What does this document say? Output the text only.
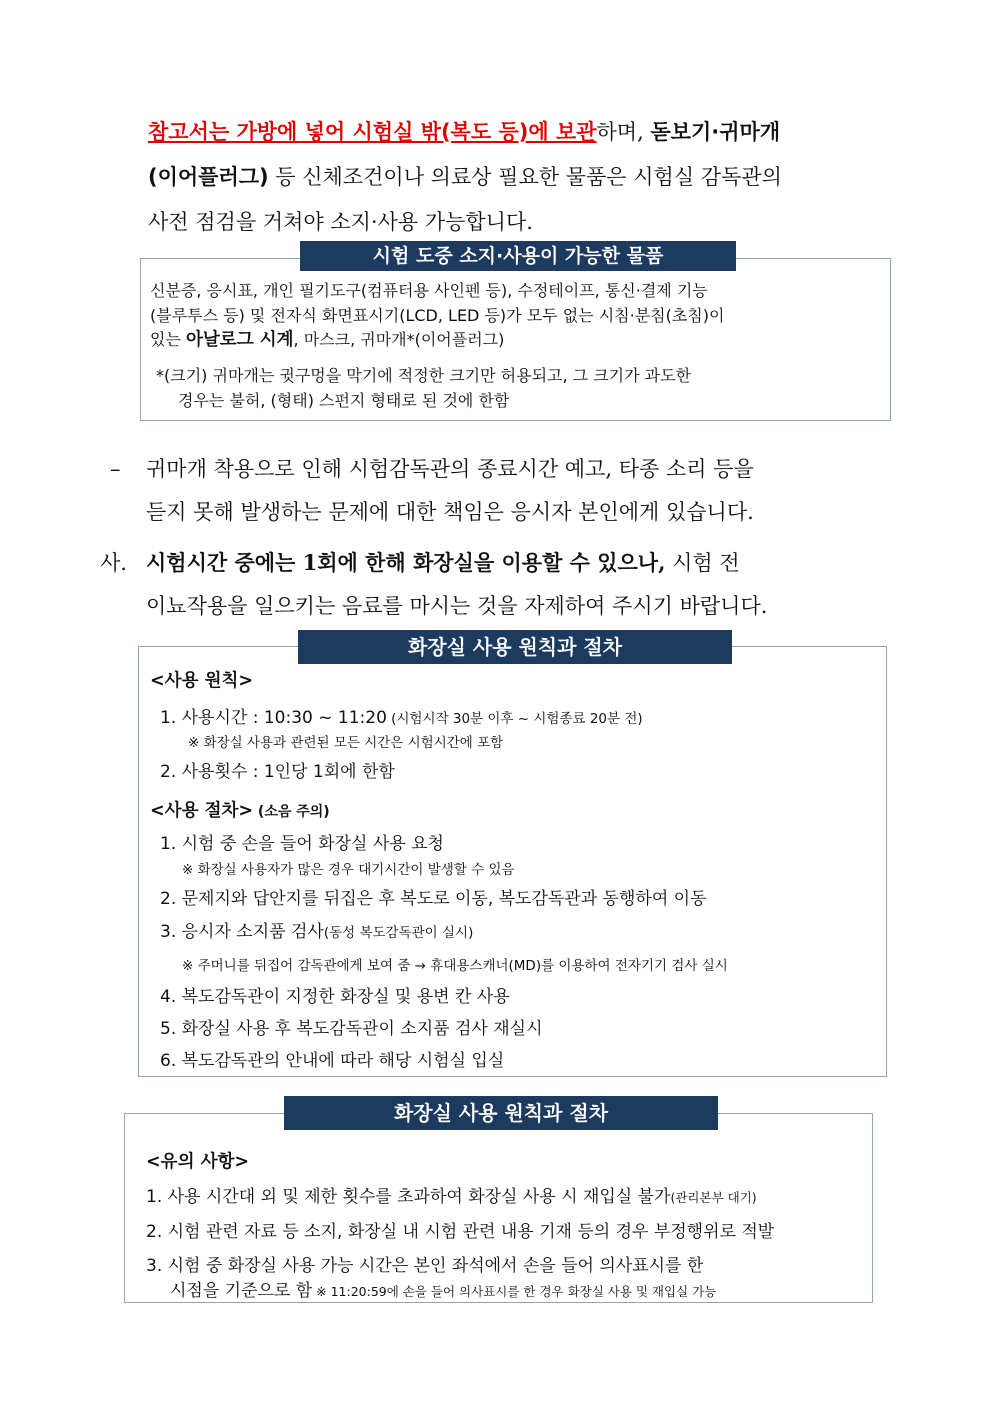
참고서는 가방에 넣어 시험실 밖(복도 등)에 보관하며, 돋보기·귀마개
(이어플러그) 등 신체조건이나 의료상 필요한 물품은 시험실 감독관의
사전 점검을 거쳐야 소지·사용 가능합니다.
시험 도중 소지·사용이 가능한 물품
신분증, 응시표, 개인 필기도구(컴퓨터용 사인펜 등), 수정테이프, 통신·결제 기능
(블루투스 등) 및 전자식 화면표시기(LCD, LED 등)가 모두 없는 시침·분침(초침)이
있는 아날로그 시계, 마스크, 귀마개*(이어플러그)
*(크기) 귀마개는 귓구멍을 막기에 적정한 크기만 허용되고, 그 크기가 과도한
경우는 불허, (형태) 스펀지 형태로 된 것에 한함
– 귀마개 착용으로 인해 시험감독관의 종료시간 예고, 타종 소리 등을
듣지 못해 발생하는 문제에 대한 책임은 응시자 본인에게 있습니다.
사. 시험시간 중에는 1회에 한해 화장실을 이용할 수 있으나, 시험 전
이뇨작용을 일으키는 음료를 마시는 것을 자제하여 주시기 바랍니다.
화장실 사용 원칙과 절차
<사용 원칙>
1. 사용시간 : 10:30 ~ 11:20 (시험시작 30분 이후 ~ 시험종료 20분 전)
※ 화장실 사용과 관련된 모든 시간은 시험시간에 포함
2. 사용횟수 : 1인당 1회에 한함
<사용 절차> (소음 주의)
1. 시험 중 손을 들어 화장실 사용 요청
※ 화장실 사용자가 많은 경우 대기시간이 발생할 수 있음
2. 문제지와 답안지를 뒤집은 후 복도로 이동, 복도감독관과 동행하여 이동
3. 응시자 소지품 검사(동성 복도감독관이 실시)
※ 주머니를 뒤집어 감독관에게 보여 줌 → 휴대용스캐너(MD)를 이용하여 전자기기 검사 실시
4. 복도감독관이 지정한 화장실 및 용변 칸 사용
5. 화장실 사용 후 복도감독관이 소지품 검사 재실시
6. 복도감독관의 안내에 따라 해당 시험실 입실
화장실 사용 원칙과 절차
<유의 사항>
1. 사용 시간대 외 및 제한 횟수를 초과하여 화장실 사용 시 재입실 불가(관리본부 대기)
2. 시험 관련 자료 등 소지, 화장실 내 시험 관련 내용 기재 등의 경우 부정행위로 적발
3. 시험 중 화장실 사용 가능 시간은 본인 좌석에서 손을 들어 의사표시를 한
시점을 기준으로 함 ※ 11:20:59에 손을 들어 의사표시를 한 경우 화장실 사용 및 재입실 가능
